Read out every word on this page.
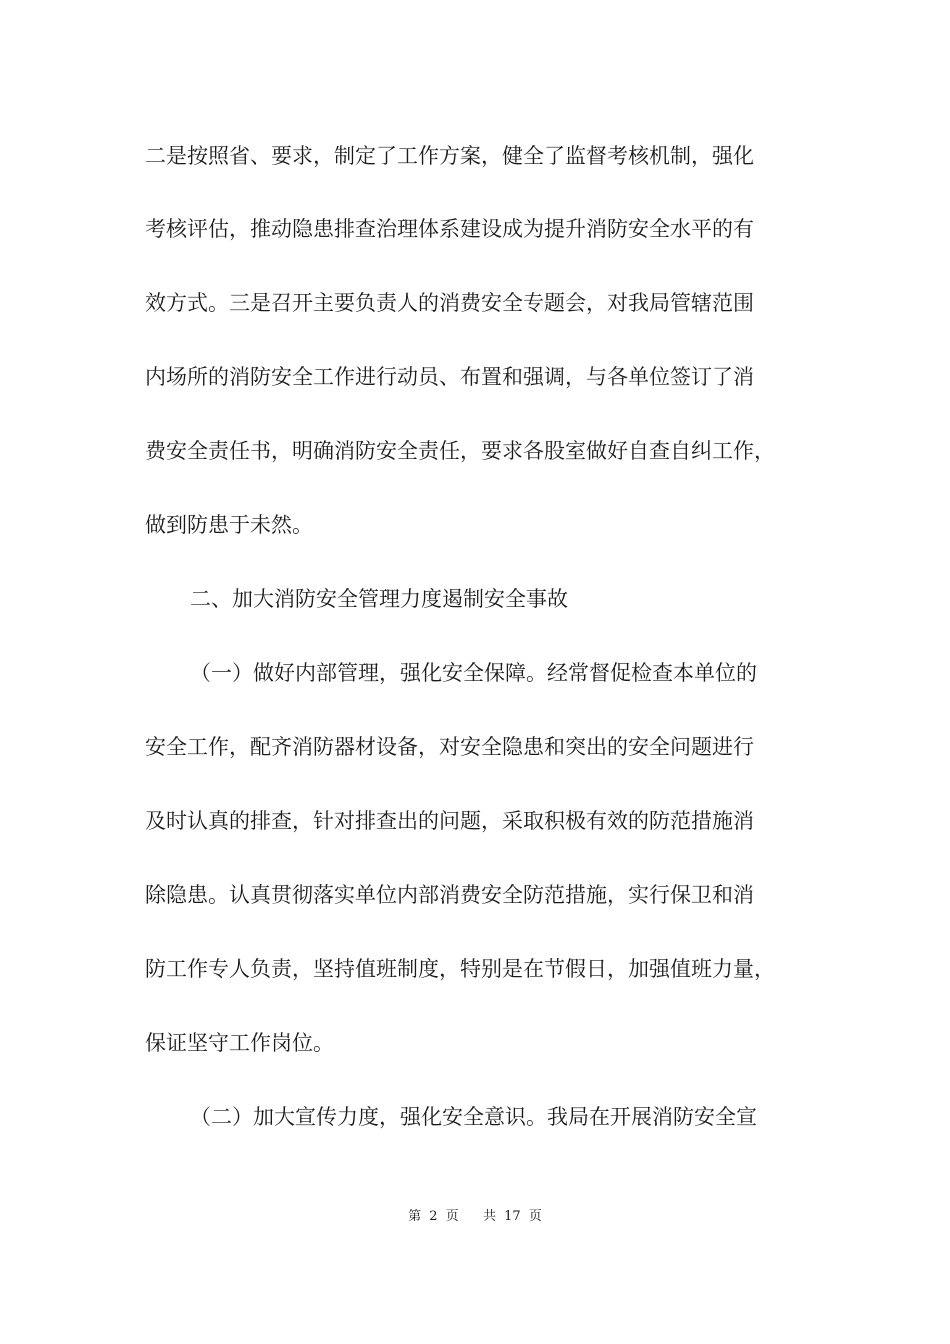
二是按照省、要求，制定了工作方案，健全了监督考核机制，强化
考核评估，推动隐患排查治理体系建设成为提升消防安全水平的有
效方式。三是召开主要负责人的消费安全专题会，对我局管辖范围
内场所的消防安全工作进行动员、布置和强调，与各单位签订了消
费安全责任书，明确消防安全责任，要求各股室做好自查自纠工作，
做到防患于未然。
二、加大消防安全管理力度遏制安全事故
（一）做好内部管理，强化安全保障。经常督促检查本单位的
安全工作，配齐消防器材设备，对安全隐患和突出的安全问题进行
及时认真的排查，针对排查出的问题，采取积极有效的防范措施消
除隐患。认真贯彻落实单位内部消费安全防范措施，实行保卫和消
防工作专人负责，坚持值班制度，特别是在节假日，加强值班力量，
保证坚守工作岗位。
（二）加大宣传力度，强化安全意识。我局在开展消防安全宣
第 2 页 共 17 页
